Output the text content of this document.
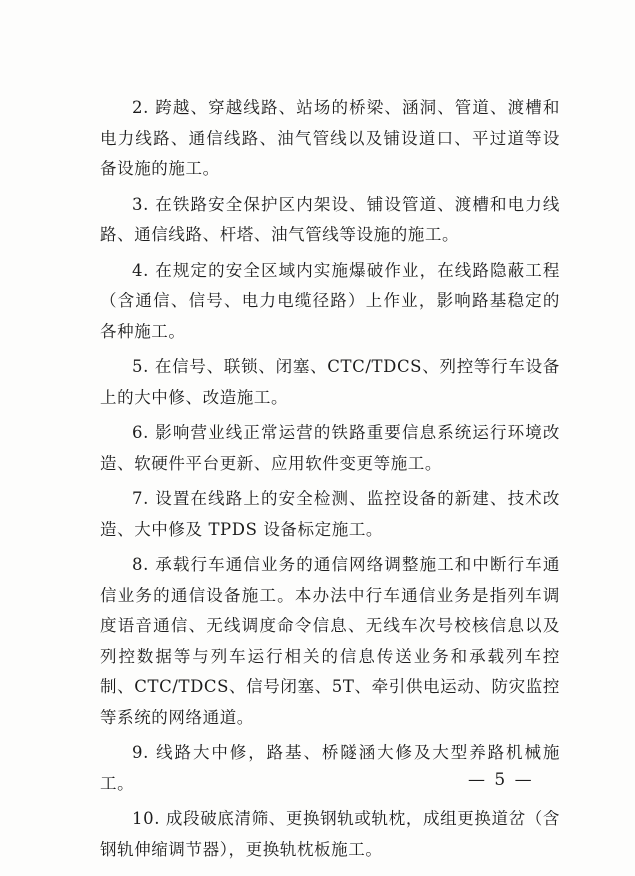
2. 跨越、穿越线路、站场的桥梁、涵洞、管道、渡槽和电力线路、通信线路、油气管线以及铺设道口、平过道等设备设施的施工。

3. 在铁路安全保护区内架设、铺设管道、渡槽和电力线路、通信线路、杆塔、油气管线等设施的施工。

4. 在规定的安全区域内实施爆破作业，在线路隐蔽工程（含通信、信号、电力电缆径路）上作业，影响路基稳定的各种施工。

5. 在信号、联锁、闭塞、CTC/TDCS、列控等行车设备上的大中修、改造施工。

6. 影响营业线正常运营的铁路重要信息系统运行环境改造、软硬件平台更新、应用软件变更等施工。

7. 设置在线路上的安全检测、监控设备的新建、技术改造、大中修及 TPDS 设备标定施工。

8. 承载行车通信业务的通信网络调整施工和中断行车通信业务的通信设备施工。本办法中行车通信业务是指列车调度语音通信、无线调度命令信息、无线车次号校核信息以及列控数据等与列车运行相关的信息传送业务和承载列车控制、CTC/TDCS、信号闭塞、5T、牵引供电运动、防灾监控等系统的网络通道。

9. 线路大中修，路基、桥隧涵大修及大型养路机械施工。

10. 成段破底清筛、更换钢轨或轨枕，成组更换道岔（含钢轨伸缩调节器），更换轨枕板施工。

— 5 —
